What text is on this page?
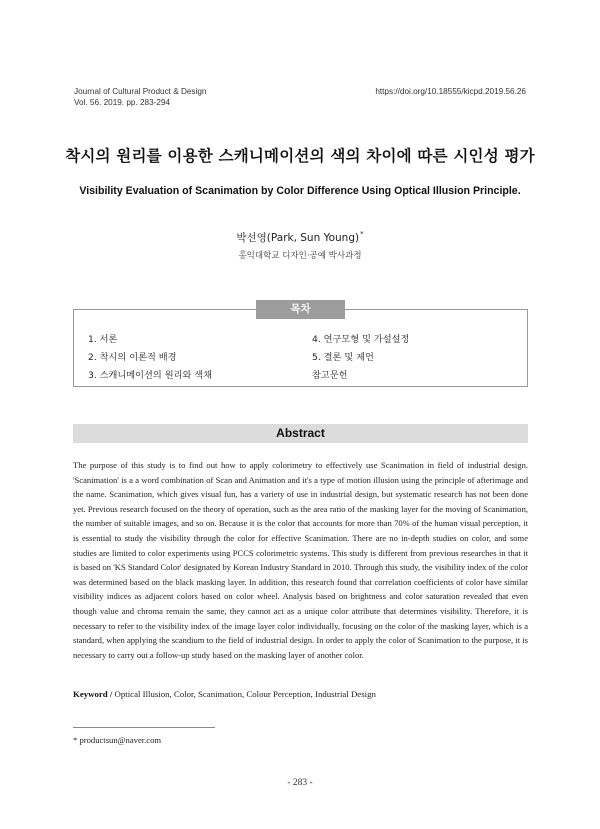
Journal of Cultural Product & Design
Vol. 56. 2019. pp. 283-294
https://doi.org/10.18555/kicpd.2019.56.26
착시의 원리를 이용한 스캐니메이션의 색의 차이에 따른 시인성 평가
Visibility Evaluation of Scanimation by Color Difference Using Optical Illusion Principle.
박선영(Park, Sun Young)*
홍익대학교 디자인·공예 박사과정
목차
1. 서론
2. 착시의 이론적 배경
3. 스캐니메이션의 원리와 색채
4. 연구모형 및 가설설정
5. 결론 및 제언
참고문헌
Abstract
The purpose of this study is to find out how to apply colorimetry to effectively use Scanimation in field of industrial design. 'Scanimation' is a a word combination of Scan and Animation and it's a type of motion illusion using the principle of afterimage and the name. Scanimation, which gives visual fun, has a variety of use in industrial design, but systematic research has not been done yet. Previous research focused on the theory of operation, such as the area ratio of the masking layer for the moving of Scanimation, the number of suitable images, and so on. Because it is the color that accounts for more than 70% of the human visual perception, it is essential to study the visibility through the color for effective Scanimation. There are no in-depth studies on color, and some studies are limited to color experiments using PCCS colorimetric systems. This study is different from previous researches in that it is based on 'KS Standard Color' designated by Korean Industry Standard in 2010. Through this study, the visibility index of the color was determined based on the black masking layer. In addition, this research found that correlation coefficients of color have similar visibility indices as adjacent colors based on color wheel. Analysis based on brightness and color saturation revealed that even though value and chroma remain the same, they cannot act as a unique color attribute that determines visibility. Therefore, it is necessary to refer to the visibility index of the image layer color individually, focusing on the color of the masking layer, which is a standard, when applying the scandium to the field of industrial design. In order to apply the color of Scanimation to the purpose, it is necessary to carry out a follow-up study based on the masking layer of another color.
Keyword / Optical Illusion, Color, Scanimation, Colour Perception, Industrial Design
* productsun@naver.com
- 283 -
